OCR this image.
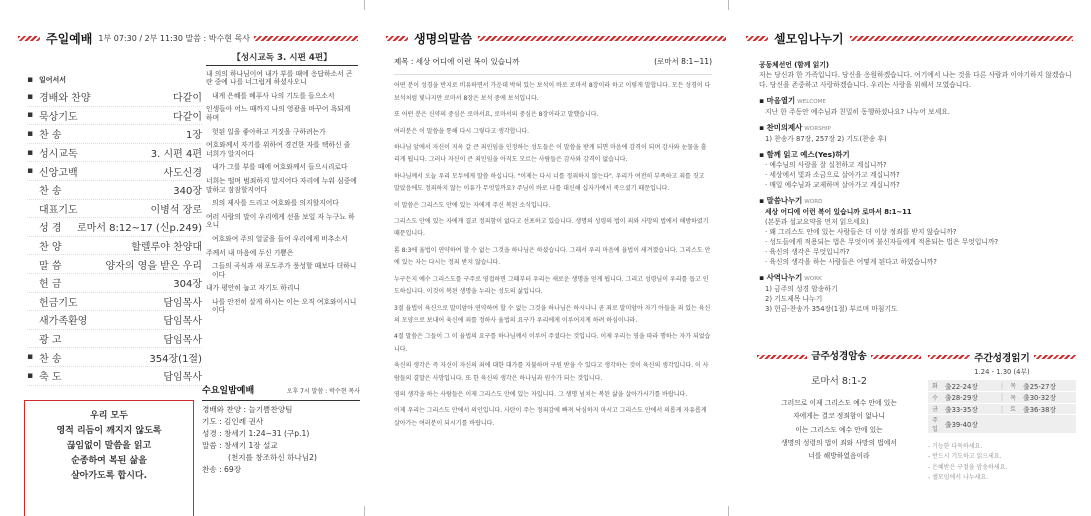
주일예배 1부 07:30 / 2부 11:30 말씀 : 박수현 목사
▪ 일어서서
▪ 경배와 찬양	다같이
▪ 묵상기도	다같이
▪ 찬 송	1장
▪ 성시교독	3. 시편 4편
▪ 신앙고백	사도신경
찬 송	340장
대표기도	이병석 장로
성 경 로마서 8:12~17 (신p.249)
찬 양	할렐루야 찬양대
말 씀	양자의 영을 받은 우리
헌 금	304장
헌금기도	담임목사
새가족환영	담임목사
광 고	담임목사
▪ 찬 송	354장(1절)
▪ 축 도	담임목사
【성시교독 3. 시편 4편】

내 의의 하나님이여 내가 부를 때에 응답하소서 곤란 중에 나를 너그럽게 하셨사오니

내게 은혜를 베푸사 나의 기도를 들으소서

인생들아 어느 때까지 나의 영광을 바꾸어 욕되게 하며

헛된 일을 좋아하고 거짓을 구하려는가

여호와께서 자기를 위하여 경건한 자를 택하신 줄 너희가 알지어다

내가 그를 부를 때에 여호와께서 들으시리로다

너희는 떨며 범죄하지 말지어다 자리에 누워 심중에 말하고 잠잠할지어다

의의 제사를 드리고 여호와를 의지할지어다

여러 사람의 말이 우리에게 선을 보일 자 누구뇨 하오니

여호와여 주의 얼굴을 들어 우리에게 비추소서

주께서 내 마음에 두신 기쁨은

그들의 곡식과 새 포도주가 풍성할 때보다 더하니이다

내가 평안히 눕고 자기도 하리니

나를 안전히 살게 하시는 이는 오직 여호와이시니이다

우리 모두
영적 리듬이 깨지지 않도록
끊임없이 말씀을 읽고
순종하여 복된 삶을
살아가도록 합시다.
수요일밤예배	오후 7시 말씀 : 박수현 목사
경배와 찬양 : 늘기쁨찬양팀
기도 : 김인례 권사
성경 : 창세기 1:24~31 (구p.1)
말씀 : 창세기 1장 설교
(천지를 창조하신 하나님2)
찬송 : 69장
생명의말씀
제목 : 세상 어디에 이런 복이 있습니까	(로마서 8:1~11)

어떤 분이 성경을 반지로 비유하면서 가운데 박혀 있는 보석이 바로 로마서 8장이라 하고 이렇게 말합니다. 모든 성경이 다 보석처럼 빛나지만 로마서 8장은 보석 중에 보석입니다.

또 어떤 분은 신약의 중심은 로마서요, 로마서의 중심은 8장이라고 말했습니다.

여러분은 이 말씀을 통해 다시 그렇다고 생각합니다.

하나님 앞에서 자신이 지옥 갈 큰 죄인임을 인정하는 성도들은 이 말씀을 받게 되면 마음에 감격이 되며 감사와 눈물을 흘리게 됩니다. 그러나 자신이 큰 죄인임을 아직도 모르는 사람들은 감사와 감격이 없습니다.

하나님께서 오늘 우리 모두에게 말씀 하십니다. "이제는 다시 너를 정죄하지 않는다". 우리가 여전히 부족하고 죄를 짓고 말았음에도 정죄하지 않는 이유가 무엇일까요? 주님이 바로 나를 대신해 십자가에서 죽으셨기 때문입니다.

이 말씀은 그리스도 안에 있는 자에게 주신 복된 소식입니다.

그리스도 안에 있는 자에게 결코 정죄함이 없다고 선포하고 있습니다. 생명의 성령의 법이 죄와 사망의 법에서 해방하였기 때문입니다.

롬 8:3에 율법이 연약하여 할 수 없는 그것을 하나님은 하셨습니다. 그래서 우리 마음에 율법이 새겨졌습니다. 그리스도 안에 있는 자는 다시는 정죄 받지 않습니다.

누구든지 예수 그리스도를 구주로 영접하면 그때부터 우리는 새로운 생명을 얻게 됩니다. 그리고 성령님이 우리를 돕고 인도하십니다. 이것이 복된 생명을 누리는 성도의 삶입니다.

3절 율법이 육신으로 말미암아 연약하여 할 수 없는 그것을 하나님은 하시나니 곧 죄로 말미암아 자기 아들을 죄 있는 육신의 모양으로 보내어 육신에 죄를 정하사 율법의 요구가 우리에게 이루어지게 하려 하심이니라.

4절 말씀은 그들이 그 이 율법의 요구를 하나님께서 이루어 주셨다는 것입니다. 이제 우리는 영을 따라 행하는 자가 되었습니다.

육신의 생각은 즉 자신이 자신의 죄에 대한 대가를 지불하며 구원 받을 수 있다고 생각하는 것이 육신의 생각입니다. 이 사람들의 결말은 사망입니다. 또 한 육신의 생각은 하나님과 원수가 되는 것입니다.

영의 생각을 하는 사람들은 이제 그리스도 안에 있는 자입니다. 그 생명 넘치는 복된 삶을 살아가시기를 바랍니다.

이제 우리는 그리스도 안에서 의인입니다. 사탄이 주는 정죄감에 빠져 낙심하지 마시고 그리스도 안에서 의롭게 자유롭게 살아가는 여러분이 되시기를 바랍니다.

셀모임나누기
공동체선언 (함께 읽기)
저는 당신과 한 가족입니다. 당신을 응원하겠습니다. 여기에서 나는 것을 다른 사람과 이야기하지 않겠습니다. 당신을 존중하고 사랑하겠습니다. 우리는 사랑을 위해서 모였습니다.
▪ 마음열기 WELCOME
지난 한 주동안 예수님과 친밀히 동행하셨나요? 나누어 보세요.
▪ 찬미의제사 WORSHIP
1) 찬송가 87장, 257장 2) 기도(찬송 후)
▪ 함께 읽고 예스(Yes)하기
· 예수님의 사랑을 잘 실천하고 계십니까?
· 세상에서 빛과 소금으로 살아가고 계십니까?
· 매일 예수님과 교제하며 살아가고 계십니까?
▪ 말씀나누기 WORD
세상 어디에 이런 복이 있습니까 로마서 8:1~11
(본문과 설교요약을 먼저 읽으세요)
· 왜 그리스도 안에 있는 사람들은 더 이상 정죄를 받지 않습니까?
· 성도들에게 적용되는 법은 무엇이며 불신자들에게 적용되는 법은 무엇입니까?
· 육신의 생각은 무엇입니까?
· 육신의 생각을 하는 사람들은 어떻게 된다고 하였습니까?
▪ 사역나누기 WORK
1) 금주의 성경 암송하기
2) 기도제목 나누기
3) 헌금-찬송가 354장(1절) 부르며 마침기도
금주성경암송
로마서 8:1-2
그러므로 이제 그리스도 예수 안에 있는
자에게는 결코 정죄함이 없나니
이는 그리스도 예수 안에 있는
생명의 성령의 법이 죄와 사망의 법에서
너를 해방하였음이라
주간성경읽기
1.24 - 1.30 (4부)
화	출22-24장	|	목	출25-27장
수	출28-29장	|	목	출30-32장
금	출33-35장	|	토	출36-38장
주일	출39-40장			
- 기능한 다독하세요.
- 반드시 기도하고 읽으세요.
- 은혜받은 구절을 암송하세요.
- 셀모임에서 나누세요.
